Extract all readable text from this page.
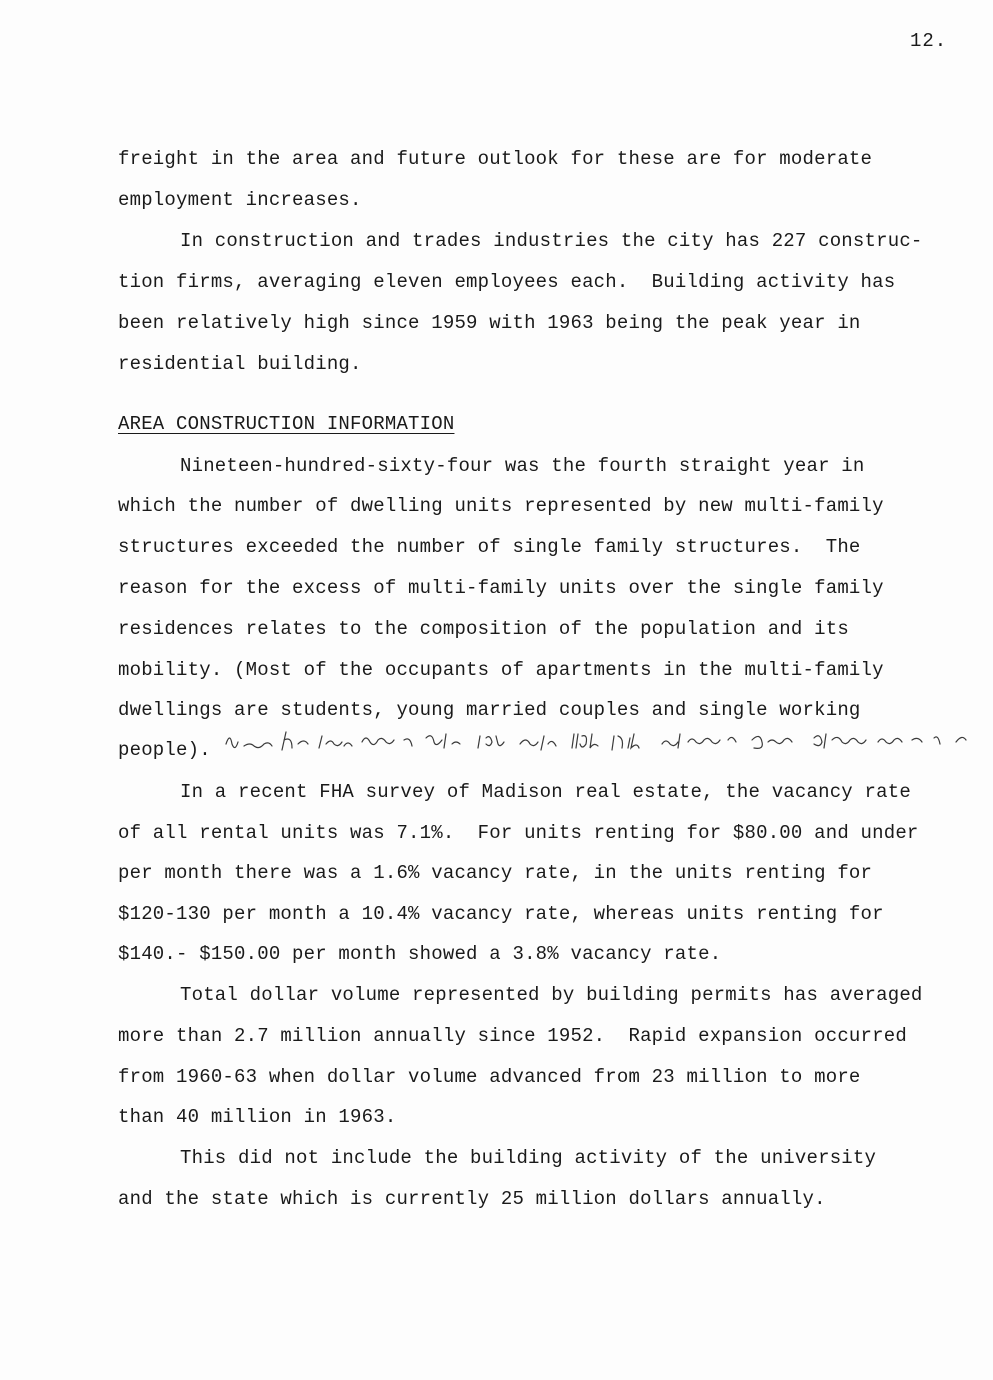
12.
freight in the area and future outlook for these are for moderate
employment increases.
In construction and trades industries the city has 227 construc-
tion firms, averaging eleven employees each.  Building activity has
been relatively high since 1959 with 1963 being the peak year in
residential building.
AREA CONSTRUCTION INFORMATION
Nineteen-hundred-sixty-four was the fourth straight year in
which the number of dwelling units represented by new multi-family
structures exceeded the number of single family structures.  The
reason for the excess of multi-family units over the single family
residences relates to the composition of the population and its
mobility. (Most of the occupants of apartments in the multi-family
dwellings are students, young married couples and single working
people).
In a recent FHA survey of Madison real estate, the vacancy rate
of all rental units was 7.1%.  For units renting for $80.00 and under
per month there was a 1.6% vacancy rate, in the units renting for
$120-130 per month a 10.4% vacancy rate, whereas units renting for
$140.- $150.00 per month showed a 3.8% vacancy rate.
Total dollar volume represented by building permits has averaged
more than 2.7 million annually since 1952.  Rapid expansion occurred
from 1960-63 when dollar volume advanced from 23 million to more
than 40 million in 1963.
This did not include the building activity of the university
and the state which is currently 25 million dollars annually.
